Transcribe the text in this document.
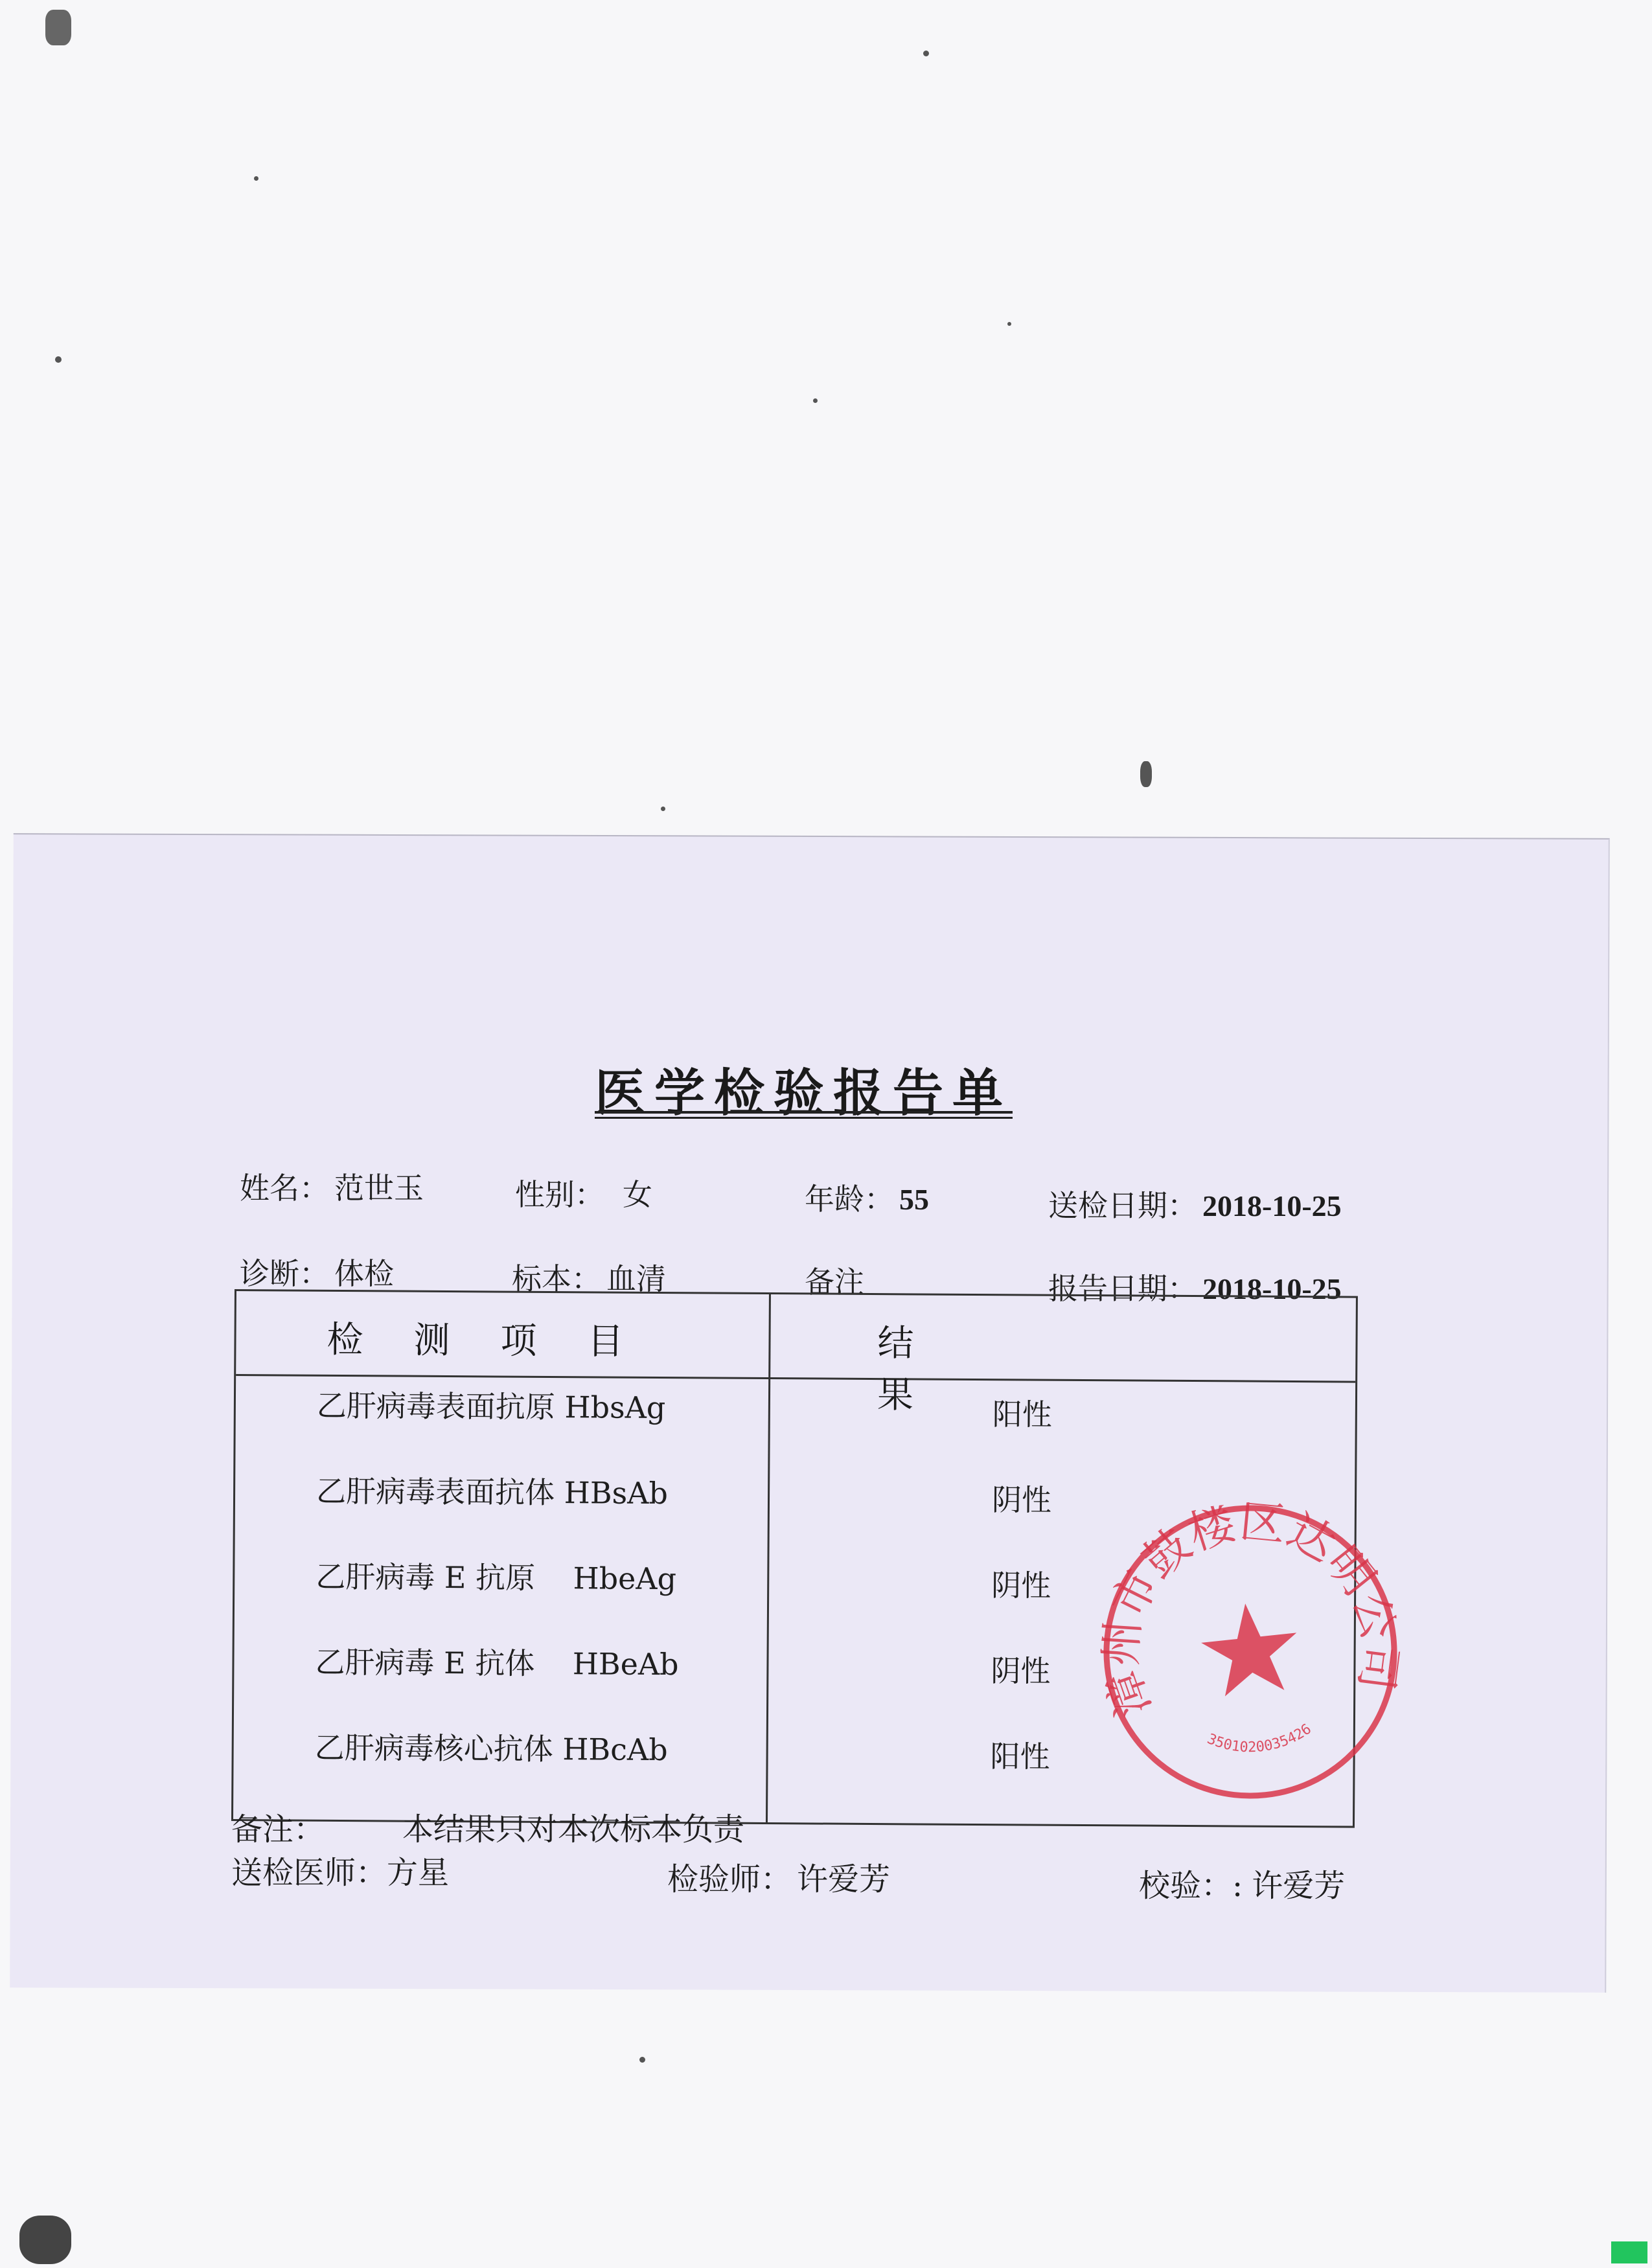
医学检验报告单
姓名： 范世玉	性别： 女	年龄： 55	送检日期： 2018-10-25
诊断： 体检	标本： 血清	备注	报告日期： 2018-10-25
检测项目	结果
乙肝病毒表面抗原 HbsAg	阳性
乙肝病毒表面抗体 HBsAb	阴性
乙肝病毒 E 抗原    HbeAg	阴性
乙肝病毒 E 抗体    HBeAb	阴性
乙肝病毒核心抗体 HBcAb	阳性
漳州市鼓楼区达明公司
3501020035426
备注：	本结果只对本次标本负责
送检医师：方星	检验师： 许爱芳	校验：: 许爱芳
